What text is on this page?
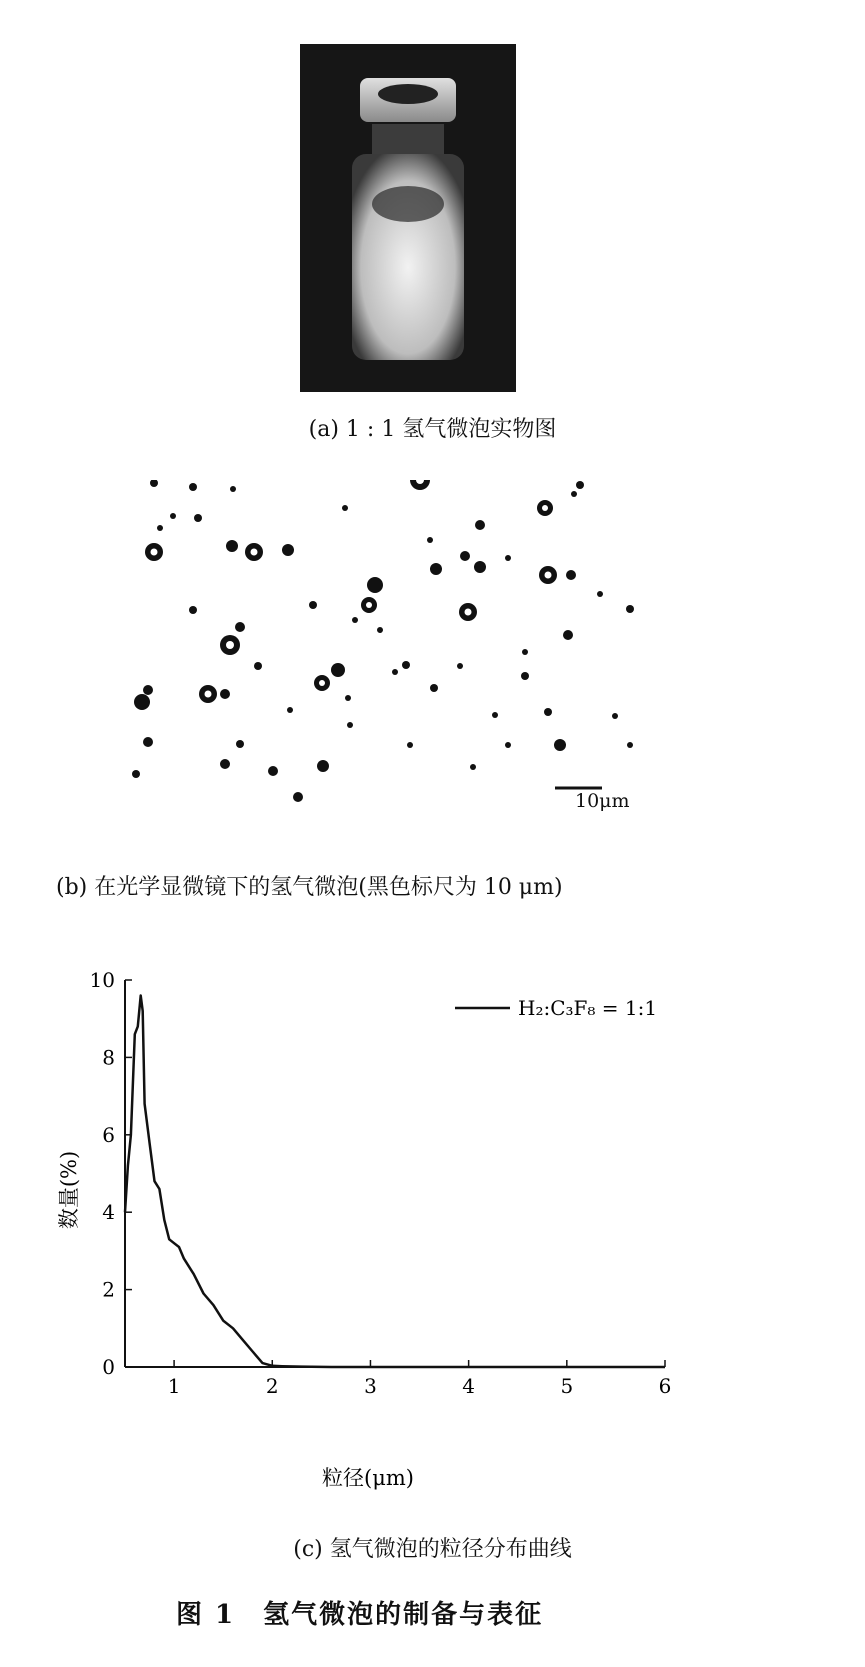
(a) 1 : 1 氢气微泡实物图
10μm
(b) 在光学显微镜下的氢气微泡(黑色标尺为 10 μm)
1	2	3	4	5	6
0
2
4
6
8
10
H₂:C₃F₈ = 1:1
粒径(μm)
数量(%)
(c) 氢气微泡的粒径分布曲线
图 1　氢气微泡的制备与表征
